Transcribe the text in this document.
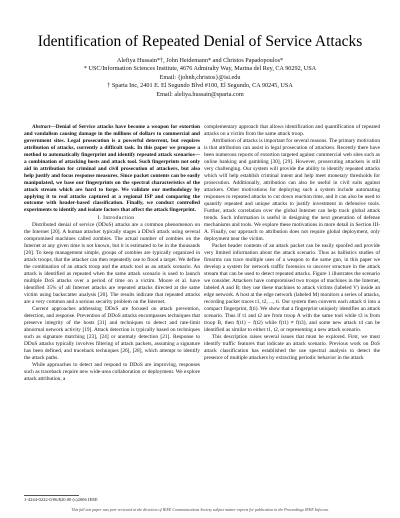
Identification of Repeated Denial of Service Attacks
Alefiya Hussain*†, John Heidemann* and Christos Papadopoulos*
* USC/Information Sciences Institute, 4676 Admiralty Way, Marina del Rey, CA 90292, USA
Email: {johnh,christos}@isi.edu
† Sparta Inc, 2401 E. El Segundo Blvd #100, El Segundo, CA 90245, USA
Email: aleliya.hussain@sparta.com

Abstract—Denial of Service attacks have become a weapon for extortion and vandalism causing damage in the millions of dollars to commercial and government sites. Legal prosecution is a powerful deterrent, but requires attribution of attacks, currently a difficult task. In this paper we propose a method to automatically fingerprint and identify repeated attack scenarios—a combination of attacking hosts and attack tool. Such fingerprints not only aid in attribution for criminal and civil prosecution of attackers, but also help justify and focus response measures. Since packet contents can be easily manipulated, we base our fingerprints on the spectral characteristics of the attack stream which are hard to forge. We validate our methodology by applying it to real attacks captured at a regional ISP and comparing the outcome with header-based classification. Finally, we conduct controlled experiments to identify and isolate factors that affect the attack fingerprint.

I. Introduction

Distributed denial of service (DDoS) attacks are a common phenomenon on the Internet [20]. A human attacker typically stages a DDoS attack using several compromised machines called zombies. The actual number of zombies on the Internet at any given time is not known, but it is estimated to be in the thousands [20]. To keep management simple, groups of zombies are typically organized in attack troops, that the attacker can then repeatedly use to flood a target. We define the combination of an attack troop and the attack tool as an attack scenario. An attack is identified as repeated when the same attack scenario is used to launch multiple DoS attacks over a period of time on a victim. Moore et al. have identified 35% of all Internet attacks are repeated attacks directed at the same victim using backscatter analysis [20]. The results indicate that repeated attacks are a very common and a serious security problem on the Internet.

Current approaches addressing DDoS are focused on attack prevention, detection, and response. Prevention of DDoS attacks encompasses techniques that preserve integrity of the hosts [31] and techniques to detect and rate-limit abnormal network activity [19]. Attack detection is typically based on techniques such as signature matching [23], [24] or anomaly detection [21]. Response to DDoS attacks typically involves filtering of attack packets, assuming a signature has been defined, and traceback techniques [26], [28], which attempt to identify the attack paths.

While approaches to detect and respond to DDoS are improving, responses such as traceback require new wide-area collaboration or deployment. We explore attack attribution, a

complementary approach that allows identification and quantification of repeated attacks on a victim from the same attack troop.

Attribution of attacks is important for several reasons. The primary motivation is that attribution can assist in legal prosecution of attackers. Recently there have been numerous reports of extortion targeted against commercial web sites such as online banking and gambling [30], [29]. However, prosecuting attackers is still very challenging. Our system will provide the ability to identify repeated attacks which will help establish criminal intent and help meet monetary thresholds for prosecution. Additionally, attribution can also be useful in civil suits against attackers. Other motivations for deploying such a system include automating responses to repeated attacks to cut down reaction time, and it can also be used to quantify repeated and unique attacks to justify investment in defensive tools. Further, attack correlation over the global Internet can help track global attack trends. Such information is useful in designing the next generation of defense mechanisms and tools. We explore these motivations in more detail in Section III-A. Finally, our approach to attribution does not require global deployment, only deployment near the victim.

Packet header contents of an attack packet can be easily spoofed and provide very limited information about the attack scenario. Thus as ballistics studies of firearms can trace multiple uses of a weapon to the same gun, in this paper we develop a system for network traffic forensics to uncover structure in the attack stream that can be used to detect repeated attacks. Figure 1 illustrates the scenario we consider. Attackers have compromised two troops of machines in the Internet, labeled A and B; they use these machines to attack victims (labeled V) inside an edge network. A host at the edge network (labeled M) monitors a series of attacks, recording packet traces t1, t2, ..., ti. Our system then converts each attack ti into a compact fingerprint, f(ti). We show that a fingerprint uniquely identifies an attack scenario. Thus if t1 and t2 are from troop A with the same tool while t3 is from troop B, then f(t1) ~ f(t2) while f(t1) ≠ f(t3), and some new attack t4 can be identified as similar to either t1, t2, or representing a new attack scenario.

This description raises several issues that must be explored. First, we must identify traffic features that indicate an attack scenario. Previous work on DoS attack classification has established the use spectral analysis to detect the presence of multiple attackers by extracting periodic behavior in the attack

1-4244-0222-0/06/$20.00 (c)2006 IEEE
This full text paper was peer reviewed at the direction of IEEE Communications Society subject matter experts for publication in the Proceedings IEEE Infocom.
